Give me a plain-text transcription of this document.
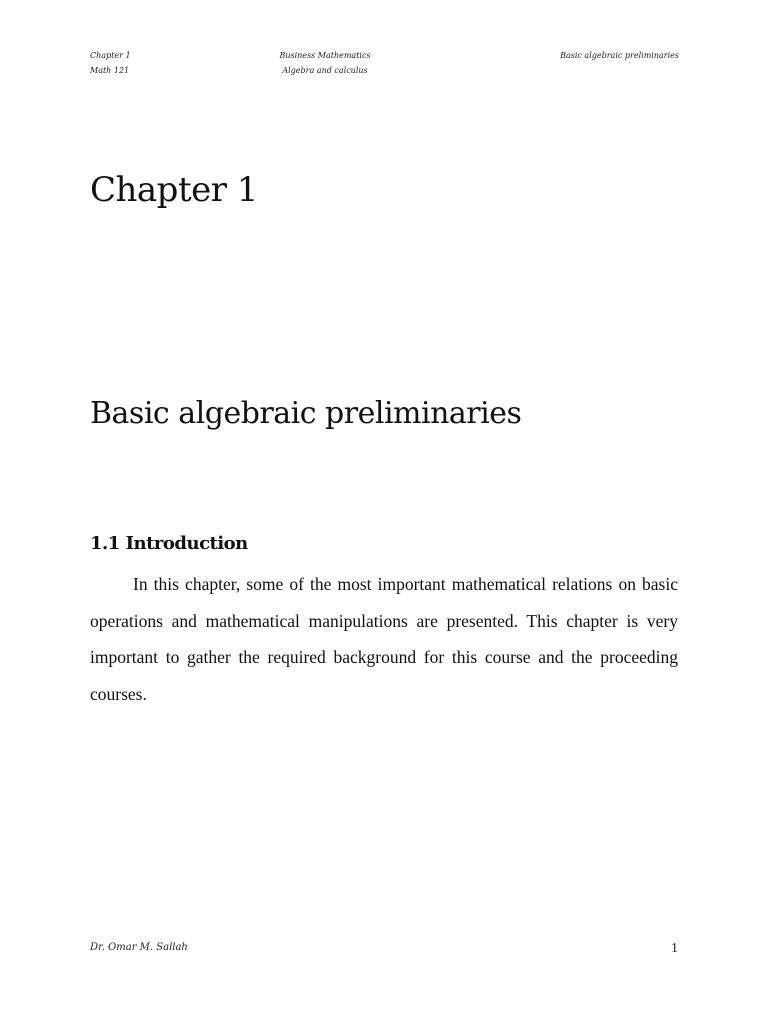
Chapter 1
Math 121
Business Mathematics
Algebra and calculus
Basic algebraic preliminaries
Chapter 1
Basic algebraic preliminaries
1.1 Introduction

In this chapter, some of the most important mathematical relations on basic operations and mathematical manipulations are presented. This chapter is very important to gather the required background for this course and the proceeding courses.

Dr. Omar M. Sallah	1
